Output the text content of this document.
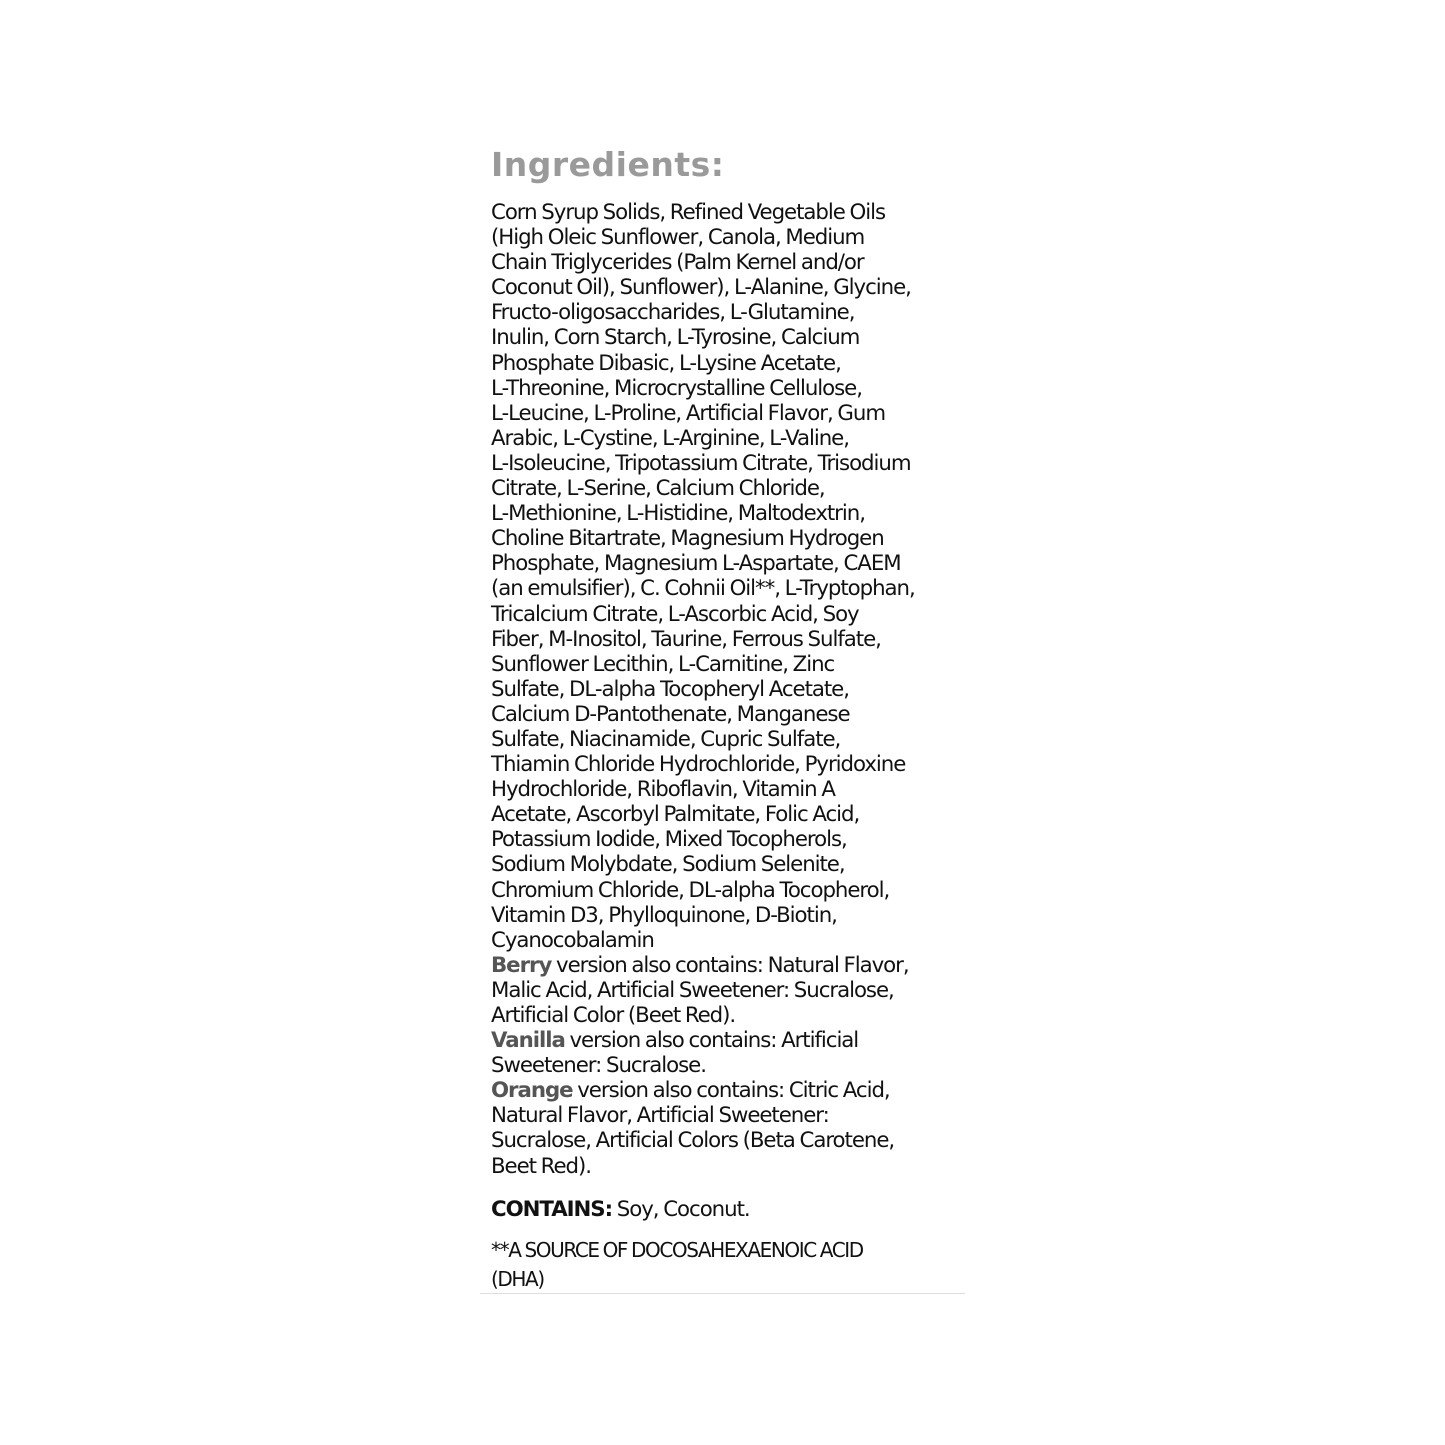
Ingredients:
Corn Syrup Solids, Refined Vegetable Oils
(High Oleic Sunflower, Canola, Medium
Chain Triglycerides (Palm Kernel and/or
Coconut Oil), Sunflower), L-Alanine, Glycine,
Fructo-oligosaccharides, L-Glutamine,
Inulin, Corn Starch, L-Tyrosine, Calcium
Phosphate Dibasic, L-Lysine Acetate,
L-Threonine, Microcrystalline Cellulose,
L-Leucine, L-Proline, Artificial Flavor, Gum
Arabic, L-Cystine, L-Arginine, L-Valine,
L-Isoleucine, Tripotassium Citrate, Trisodium
Citrate, L-Serine, Calcium Chloride,
L-Methionine, L-Histidine, Maltodextrin,
Choline Bitartrate, Magnesium Hydrogen
Phosphate, Magnesium L-Aspartate, CAEM
(an emulsifier), C. Cohnii Oil**, L-Tryptophan,
Tricalcium Citrate, L-Ascorbic Acid, Soy
Fiber, M-Inositol, Taurine, Ferrous Sulfate,
Sunflower Lecithin, L-Carnitine, Zinc
Sulfate, DL-alpha Tocopheryl Acetate,
Calcium D-Pantothenate, Manganese
Sulfate, Niacinamide, Cupric Sulfate,
Thiamin Chloride Hydrochloride, Pyridoxine
Hydrochloride, Riboflavin, Vitamin A
Acetate, Ascorbyl Palmitate, Folic Acid,
Potassium Iodide, Mixed Tocopherols,
Sodium Molybdate, Sodium Selenite,
Chromium Chloride, DL-alpha Tocopherol,
Vitamin D3, Phylloquinone, D-Biotin,
Cyanocobalamin
Berry version also contains: Natural Flavor,
Malic Acid, Artificial Sweetener: Sucralose,
Artificial Color (Beet Red).
Vanilla version also contains: Artificial
Sweetener: Sucralose.
Orange version also contains: Citric Acid,
Natural Flavor, Artificial Sweetener:
Sucralose, Artificial Colors (Beta Carotene,
Beet Red).

CONTAINS: Soy, Coconut.

**A SOURCE OF DOCOSAHEXAENOIC ACID
(DHA)
